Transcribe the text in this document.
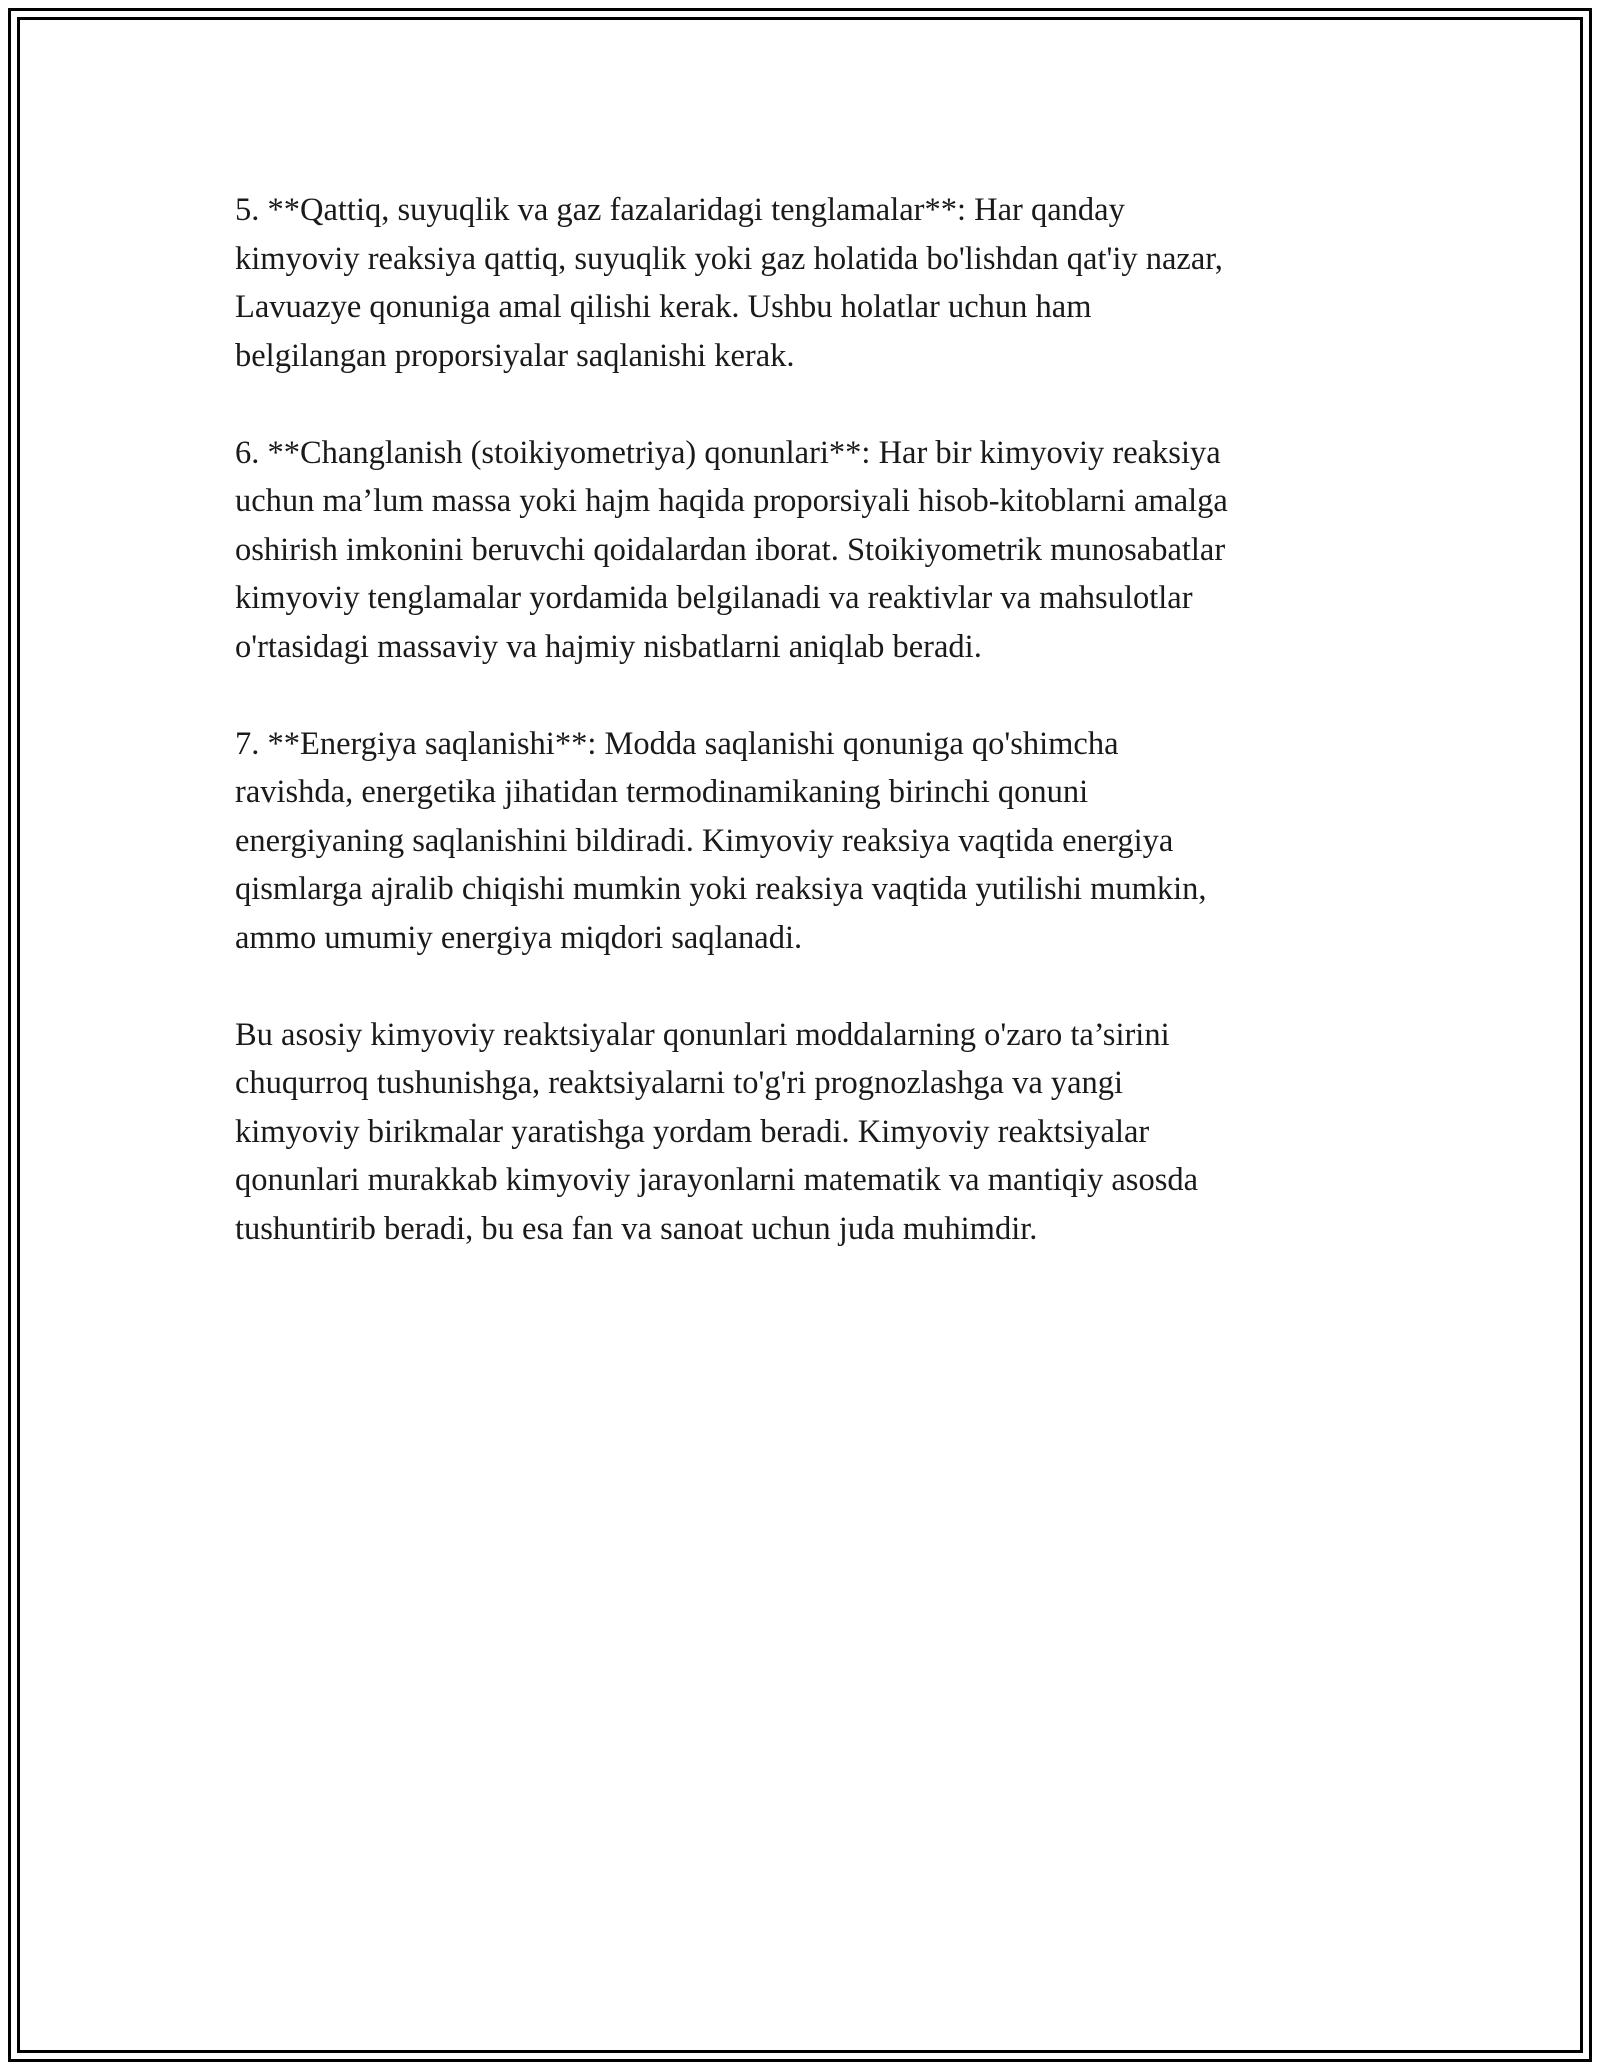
5. **Qattiq, suyuqlik va gaz fazalaridagi tenglamalar**: Har qanday
kimyoviy reaksiya qattiq, suyuqlik yoki gaz holatida bo'lishdan qat'iy nazar,
Lavuazye qonuniga amal qilishi kerak. Ushbu holatlar uchun ham
belgilangan proporsiyalar saqlanishi kerak.

6. **Changlanish (stoikiyometriya) qonunlari**: Har bir kimyoviy reaksiya
uchun ma’lum massa yoki hajm haqida proporsiyali hisob-kitoblarni amalga
oshirish imkonini beruvchi qoidalardan iborat. Stoikiyometrik munosabatlar
kimyoviy tenglamalar yordamida belgilanadi va reaktivlar va mahsulotlar
o'rtasidagi massaviy va hajmiy nisbatlarni aniqlab beradi.

7. **Energiya saqlanishi**: Modda saqlanishi qonuniga qo'shimcha
ravishda, energetika jihatidan termodinamikaning birinchi qonuni
energiyaning saqlanishini bildiradi. Kimyoviy reaksiya vaqtida energiya
qismlarga ajralib chiqishi mumkin yoki reaksiya vaqtida yutilishi mumkin,
ammo umumiy energiya miqdori saqlanadi.

Bu asosiy kimyoviy reaktsiyalar qonunlari moddalarning o'zaro ta’sirini
chuqurroq tushunishga, reaktsiyalarni to'g'ri prognozlashga va yangi
kimyoviy birikmalar yaratishga yordam beradi. Kimyoviy reaktsiyalar
qonunlari murakkab kimyoviy jarayonlarni matematik va mantiqiy asosda
tushuntirib beradi, bu esa fan va sanoat uchun juda muhimdir.
